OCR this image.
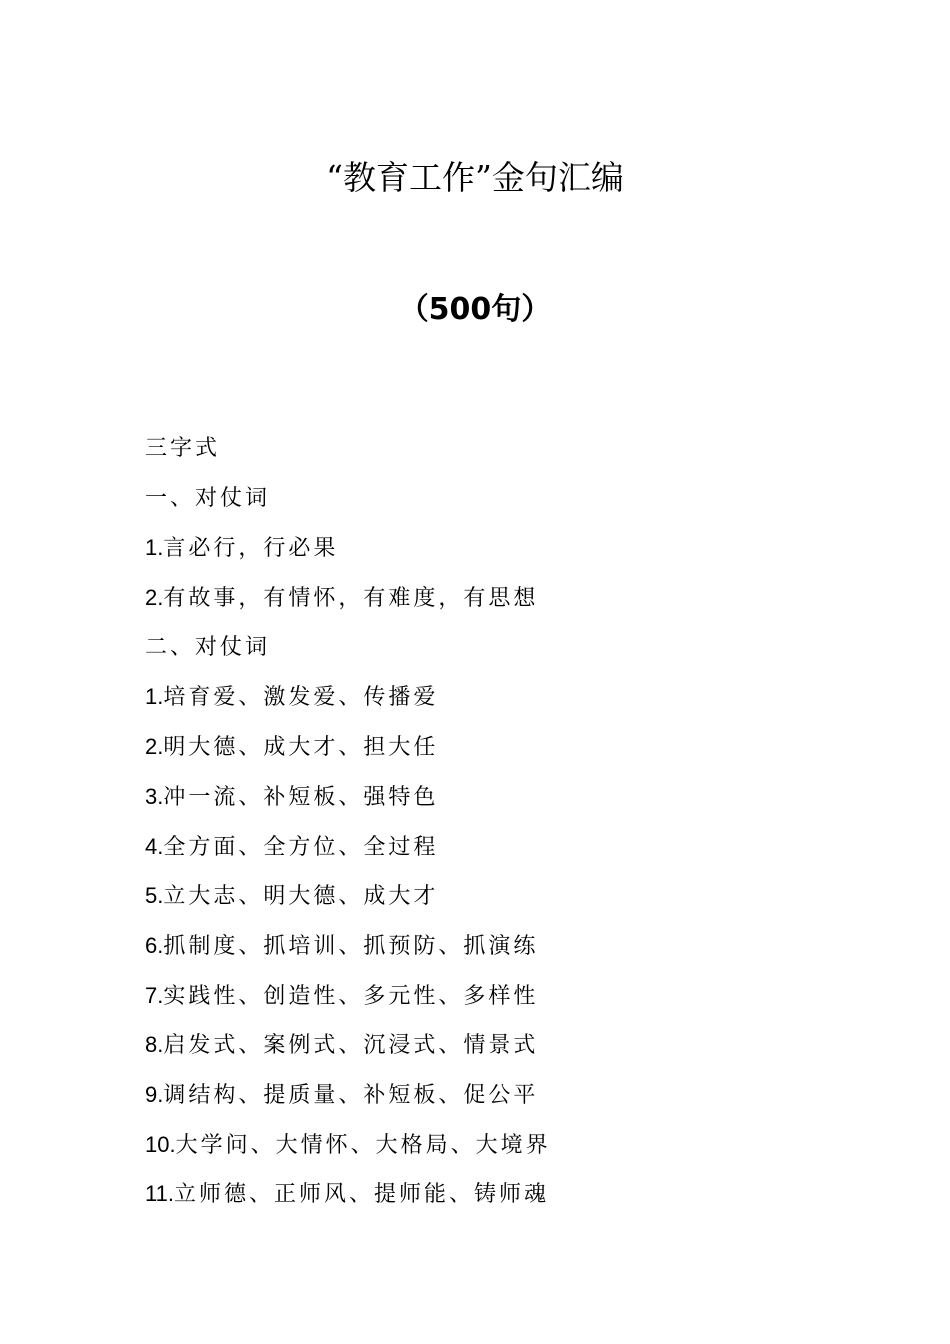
“教育工作”金句汇编
（500句）
三字式
一、对仗词
1.言必行，行必果
2.有故事，有情怀，有难度，有思想
二、对仗词
1.培育爱、激发爱、传播爱
2.明大德、成大才、担大任
3.冲一流、补短板、强特色
4.全方面、全方位、全过程
5.立大志、明大德、成大才
6.抓制度、抓培训、抓预防、抓演练
7.实践性、创造性、多元性、多样性
8.启发式、案例式、沉浸式、情景式
9.调结构、提质量、补短板、促公平
10.大学问、大情怀、大格局、大境界
11.立师德、正师风、提师能、铸师魂
